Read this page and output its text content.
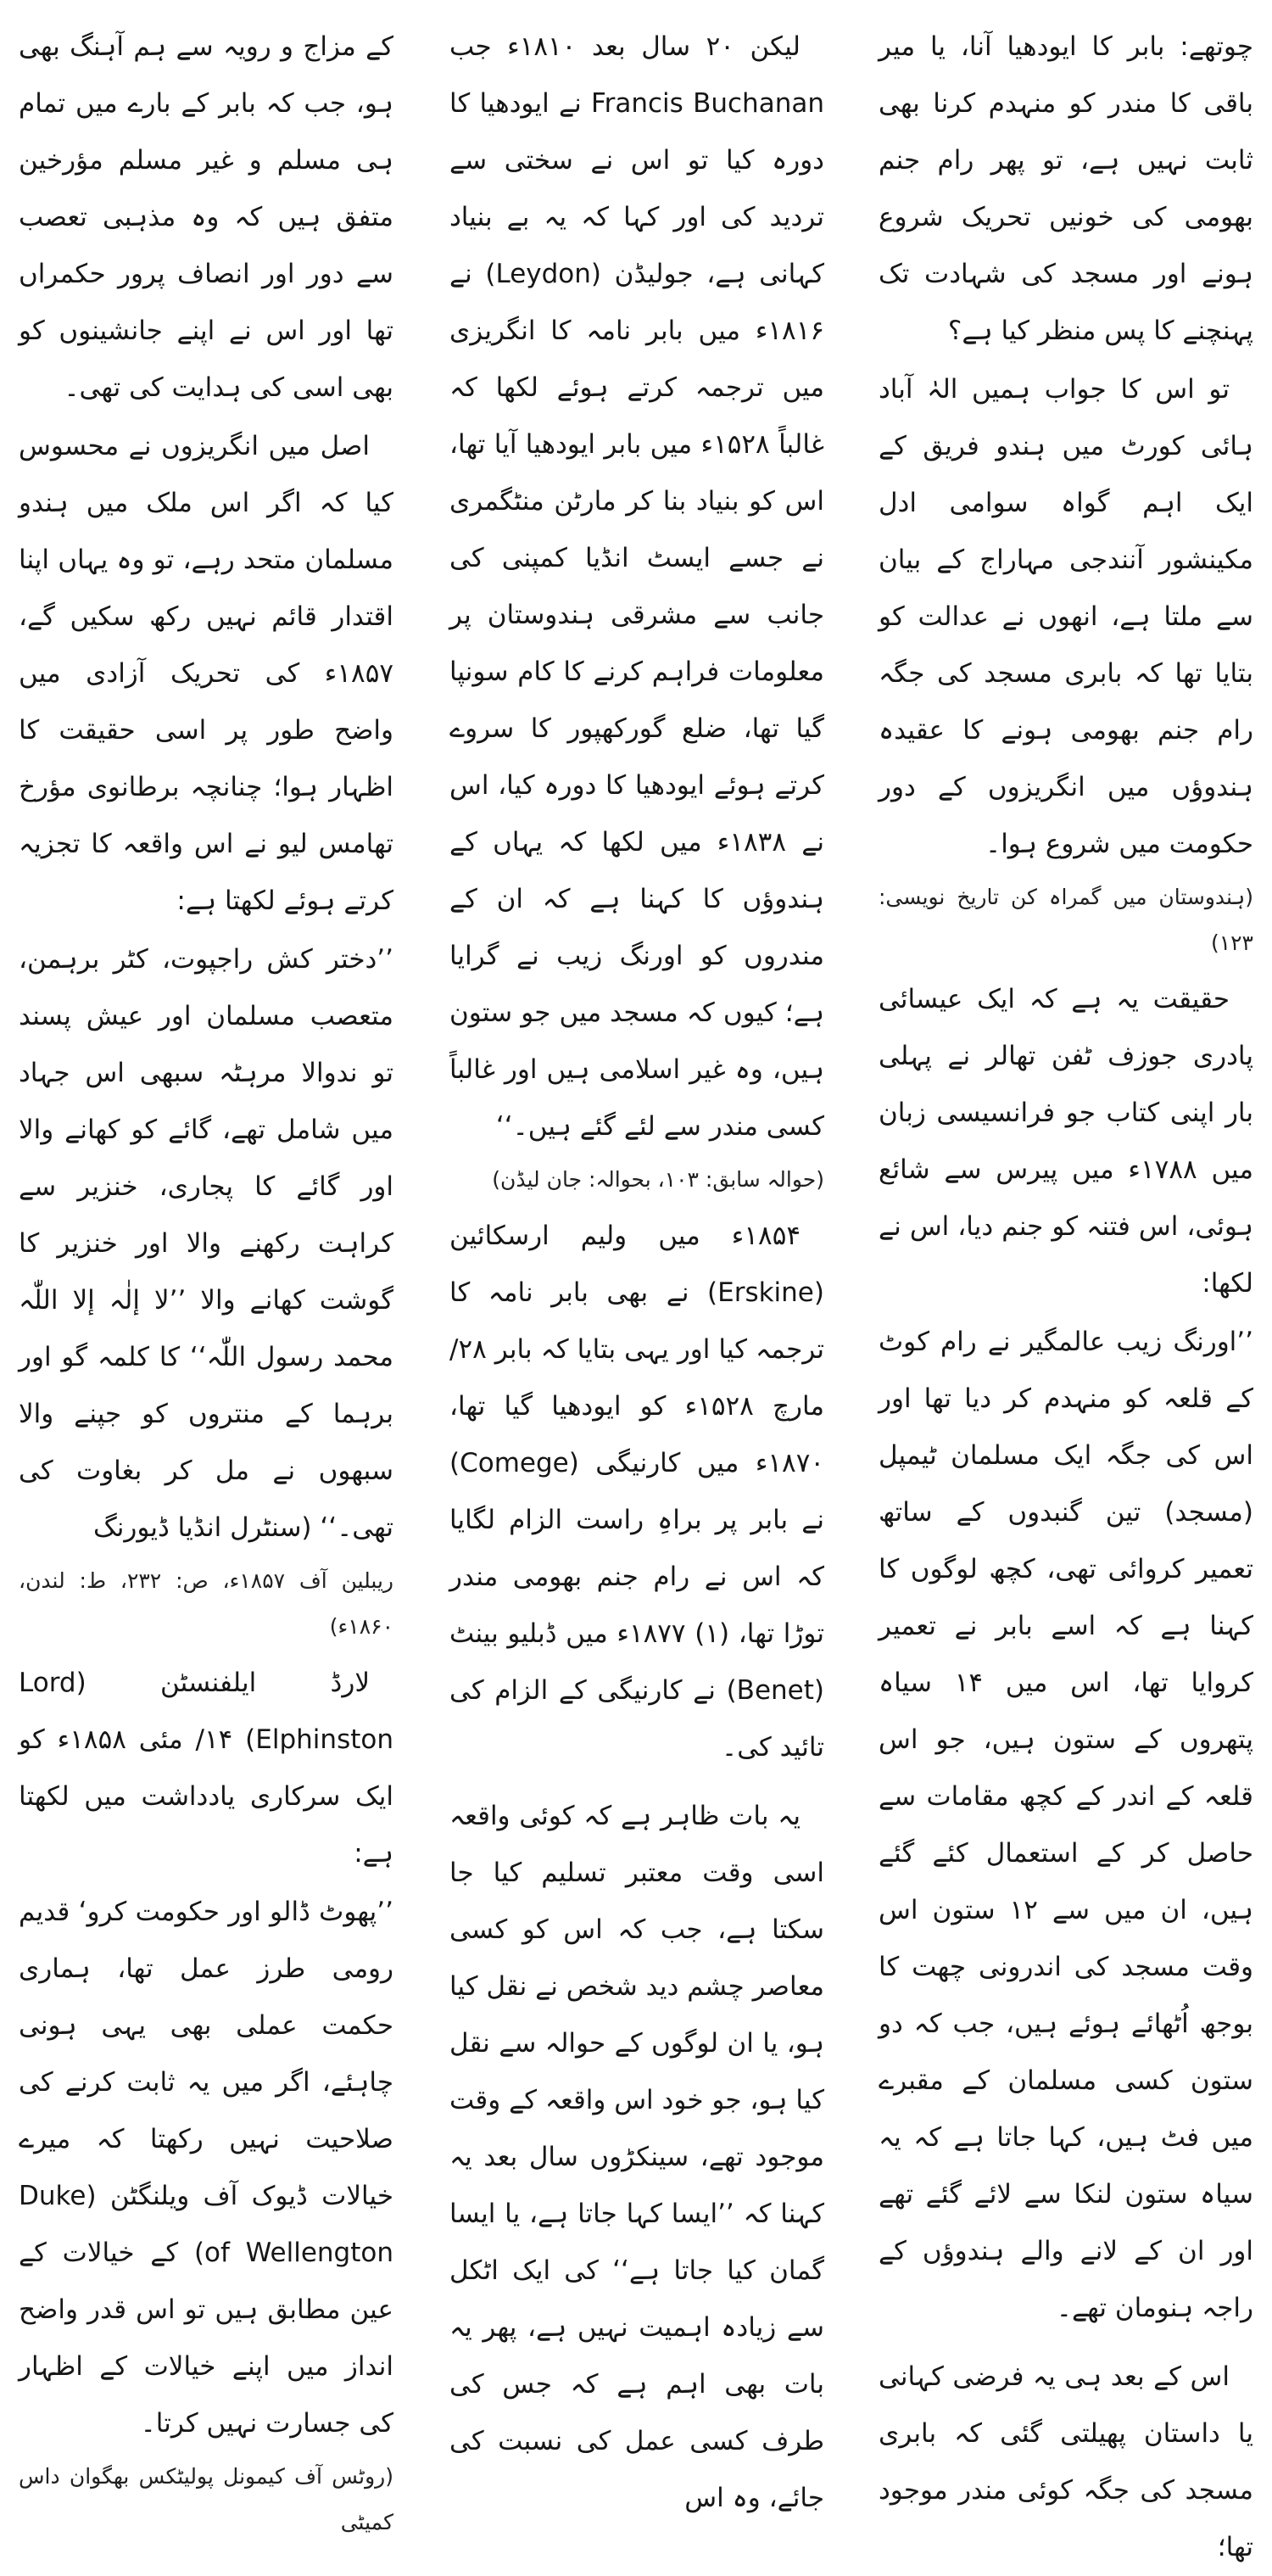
چوتھے: بابر کا ایودھیا آنا، یا میر باقی کا مندر کو منہدم کرنا بھی ثابت نہیں ہے، تو پھر رام جنم بھومی کی خونیں تحریک شروع ہونے اور مسجد کی شہادت تک پہنچنے کا پس منظر کیا ہے؟

تو اس کا جواب ہمیں الہٰ آباد ہائی کورٹ میں ہندو فریق کے ایک اہم گواہ سوامی ادل مکینشور آنندجی مہاراج کے بیان سے ملتا ہے، انھوں نے عدالت کو بتایا تھا کہ بابری مسجد کی جگہ رام جنم بھومی ہونے کا عقیدہ ہندوؤں میں انگریزوں کے دور حکومت میں شروع ہوا۔

(ہندوستان میں گمراہ کن تاریخ نویسی: ۱۲۳)

حقیقت یہ ہے کہ ایک عیسائی پادری جوزف ٹفن تھالر نے پہلی بار اپنی کتاب جو فرانسیسی زبان میں ۱۷۸۸ء میں پیرس سے شائع ہوئی، اس فتنہ کو جنم دیا، اس نے لکھا:

’’اورنگ زیب عالمگیر نے رام کوٹ کے قلعہ کو منہدم کر دیا تھا اور اس کی جگہ ایک مسلمان ٹیمپل (مسجد) تین گنبدوں کے ساتھ تعمیر کروائی تھی، کچھ لوگوں کا کہنا ہے کہ اسے بابر نے تعمیر کروایا تھا، اس میں ۱۴ سیاہ پتھروں کے ستون ہیں، جو اس قلعہ کے اندر کے کچھ مقامات سے حاصل کر کے استعمال کئے گئے ہیں، ان میں سے ۱۲ ستون اس وقت مسجد کی اندرونی چھت کا بوجھ اُٹھائے ہوئے ہیں، جب کہ دو ستون کسی مسلمان کے مقبرے میں فٹ ہیں، کہا جاتا ہے کہ یہ سیاہ ستون لنکا سے لائے گئے تھے اور ان کے لانے والے ہندوؤں کے راجہ ہنومان تھے۔

اس کے بعد ہی یہ فرضی کہانی یا داستان پھیلتی گئی کہ بابری مسجد کی جگہ کوئی مندر موجود تھا؛

لیکن ۲۰ سال بعد ۱۸۱۰ء جب Francis Buchanan نے ایودھیا کا دورہ کیا تو اس نے سختی سے تردید کی اور کہا کہ یہ بے بنیاد کہانی ہے، جولیڈن (Leydon) نے ۱۸۱۶ء میں بابر نامہ کا انگریزی میں ترجمہ کرتے ہوئے لکھا کہ غالباً ۱۵۲۸ء میں بابر ایودھیا آیا تھا، اس کو بنیاد بنا کر مارٹن منٹگمری نے جسے ایسٹ انڈیا کمپنی کی جانب سے مشرقی ہندوستان پر معلومات فراہم کرنے کا کام سونپا گیا تھا، ضلع گورکھپور کا سروے کرتے ہوئے ایودھیا کا دورہ کیا، اس نے ۱۸۳۸ء میں لکھا کہ یہاں کے ہندوؤں کا کہنا ہے کہ ان کے مندروں کو اورنگ زیب نے گرایا ہے؛ کیوں کہ مسجد میں جو ستون ہیں، وہ غیر اسلامی ہیں اور غالباً کسی مندر سے لئے گئے ہیں۔‘‘

(حوالہ سابق: ۱۰۳، بحوالہ: جان لیڈن)

۱۸۵۴ء میں ولیم ارسکائین (Erskine) نے بھی بابر نامہ کا ترجمہ کیا اور یہی بتایا کہ بابر ۲۸/ مارچ ۱۵۲۸ء کو ایودھیا گیا تھا، ۱۸۷۰ء میں کارنیگی (Comege) نے بابر پر براہِ راست الزام لگایا کہ اس نے رام جنم بھومی مندر توڑا تھا، (۱) ۱۸۷۷ء میں ڈبلیو بینٹ (Benet) نے کارنیگی کے الزام کی تائید کی۔

یہ بات ظاہر ہے کہ کوئی واقعہ اسی وقت معتبر تسلیم کیا جا سکتا ہے، جب کہ اس کو کسی معاصر چشم دید شخص نے نقل کیا ہو، یا ان لوگوں کے حوالہ سے نقل کیا ہو، جو خود اس واقعہ کے وقت موجود تھے، سینکڑوں سال بعد یہ کہنا کہ ’’ایسا کہا جاتا ہے، یا ایسا گمان کیا جاتا ہے‘‘ کی ایک اٹکل سے زیادہ اہمیت نہیں ہے، پھر یہ بات بھی اہم ہے کہ جس کی طرف کسی عمل کی نسبت کی جائے، وہ اس

کے مزاج و رویہ سے ہم آہنگ بھی ہو، جب کہ بابر کے بارے میں تمام ہی مسلم و غیر مسلم مؤرخین متفق ہیں کہ وہ مذہبی تعصب سے دور اور انصاف پرور حکمراں تھا اور اس نے اپنے جانشینوں کو بھی اسی کی ہدایت کی تھی۔

اصل میں انگریزوں نے محسوس کیا کہ اگر اس ملک میں ہندو مسلمان متحد رہے، تو وہ یہاں اپنا اقتدار قائم نہیں رکھ سکیں گے، ۱۸۵۷ء کی تحریک آزادی میں واضح طور پر اسی حقیقت کا اظہار ہوا؛ چنانچہ برطانوی مؤرخ تھامس لیو نے اس واقعہ کا تجزیہ کرتے ہوئے لکھتا ہے:

’’دختر کش راجپوت، کٹر برہمن، متعصب مسلمان اور عیش پسند تو ندوالا مرہٹہ سبھی اس جہاد میں شامل تھے، گائے کو کھانے والا اور گائے کا پجاری، خنزیر سے کراہت رکھنے والا اور خنزیر کا گوشت کھانے والا ’’لا إلٰہ إلا اللّٰہ محمد رسول اللّٰہ‘‘ کا کلمہ گو اور برہما کے منتروں کو جپنے والا سبھوں نے مل کر بغاوت کی تھی۔‘‘ (سنٹرل انڈیا ڈیورنگ

ریبلین آف ۱۸۵۷ء، ص: ۲۳۲، ط: لندن، ۱۸۶۰ء)

لارڈ ایلفنسٹن (Lord Elphinston) ۱۴/ مئی ۱۸۵۸ء کو ایک سرکاری یادداشت میں لکھتا ہے:

’’پھوٹ ڈالو اور حکومت کرو‘ قدیم رومی طرز عمل تھا، ہماری حکمت عملی بھی یہی ہونی چاہئے، اگر میں یہ ثابت کرنے کی صلاحیت نہیں رکھتا کہ میرے خیالات ڈیوک آف ویلنگٹن (Duke of Wellengton) کے خیالات کے عین مطابق ہیں تو اس قدر واضح انداز میں اپنے خیالات کے اظہار کی جسارت نہیں کرتا۔

(روٹس آف کیمونل پولیٹکس بھگوان داس کمیٹی
